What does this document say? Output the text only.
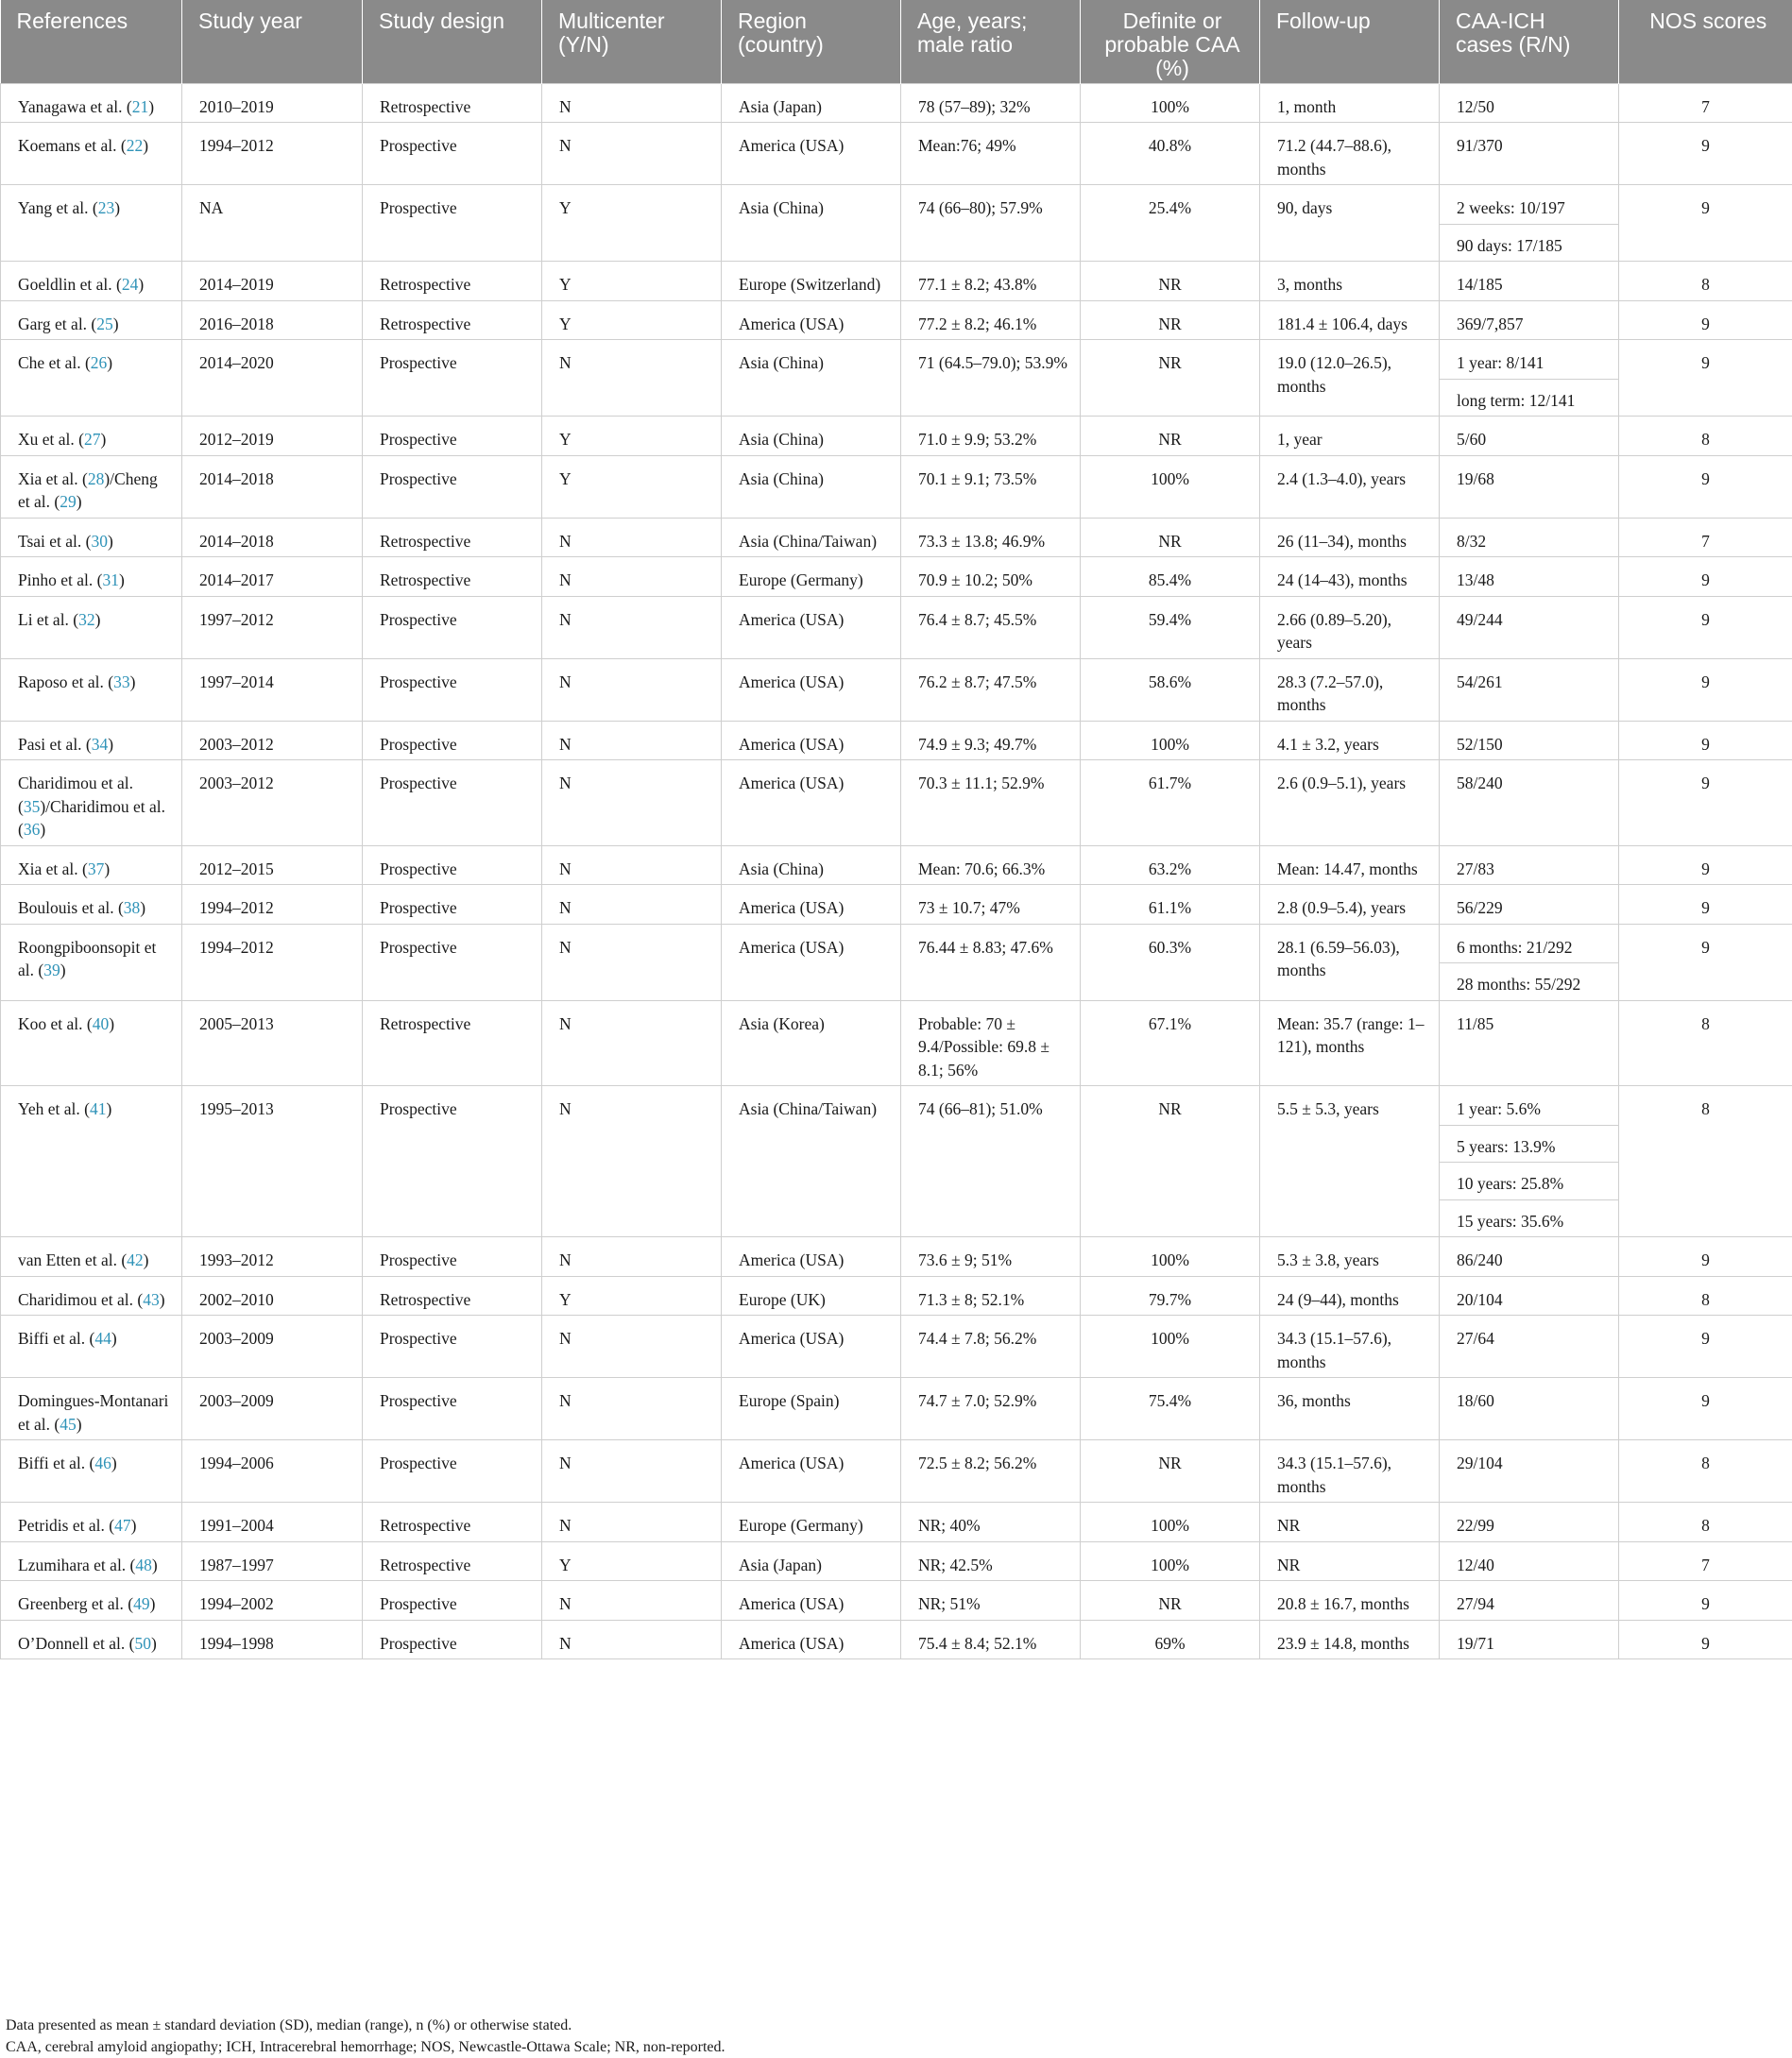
References	Study year	Study design	Multicenter (Y/N)	Region (country)	Age, years; male ratio	Definite or probable CAA (%)	Follow-up	CAA-ICH cases (R/N)	NOS scores
Yanagawa et al. (21)	2010–2019	Retrospective	N	Asia (Japan)	78 (57–89); 32%	100%	1, month	12/50	7
Koemans et al. (22)	1994–2012	Prospective	N	America (USA)	Mean:76; 49%	40.8%	71.2 (44.7–88.6), months	91/370	9
Yang et al. (23)	NA	Prospective	Y	Asia (China)	74 (66–80); 57.9%	25.4%	90, days	2 weeks: 10/197	9
								90 days: 17/185	
Goeldlin et al. (24)	2014–2019	Retrospective	Y	Europe (Switzerland)	77.1 ± 8.2; 43.8%	NR	3, months	14/185	8
Garg et al. (25)	2016–2018	Retrospective	Y	America (USA)	77.2 ± 8.2; 46.1%	NR	181.4 ± 106.4, days	369/7,857	9
Che et al. (26)	2014–2020	Prospective	N	Asia (China)	71 (64.5–79.0); 53.9%	NR	19.0 (12.0–26.5), months	1 year: 8/141	9
								long term: 12/141	
Xu et al. (27)	2012–2019	Prospective	Y	Asia (China)	71.0 ± 9.9; 53.2%	NR	1, year	5/60	8
Xia et al. (28)/Cheng et al. (29)	2014–2018	Prospective	Y	Asia (China)	70.1 ± 9.1; 73.5%	100%	2.4 (1.3–4.0), years	19/68	9
Tsai et al. (30)	2014–2018	Retrospective	N	Asia (China/Taiwan)	73.3 ± 13.8; 46.9%	NR	26 (11–34), months	8/32	7
Pinho et al. (31)	2014–2017	Retrospective	N	Europe (Germany)	70.9 ± 10.2; 50%	85.4%	24 (14–43), months	13/48	9
Li et al. (32)	1997–2012	Prospective	N	America (USA)	76.4 ± 8.7; 45.5%	59.4%	2.66 (0.89–5.20), years	49/244	9
Raposo et al. (33)	1997–2014	Prospective	N	America (USA)	76.2 ± 8.7; 47.5%	58.6%	28.3 (7.2–57.0), months	54/261	9
Pasi et al. (34)	2003–2012	Prospective	N	America (USA)	74.9 ± 9.3; 49.7%	100%	4.1 ± 3.2, years	52/150	9
Charidimou et al. (35)/Charidimou et al. (36)	2003–2012	Prospective	N	America (USA)	70.3 ± 11.1; 52.9%	61.7%	2.6 (0.9–5.1), years	58/240	9
Xia et al. (37)	2012–2015	Prospective	N	Asia (China)	Mean: 70.6; 66.3%	63.2%	Mean: 14.47, months	27/83	9
Boulouis et al. (38)	1994–2012	Prospective	N	America (USA)	73 ± 10.7; 47%	61.1%	2.8 (0.9–5.4), years	56/229	9
Roongpiboonsopit et al. (39)	1994–2012	Prospective	N	America (USA)	76.44 ± 8.83; 47.6%	60.3%	28.1 (6.59–56.03), months	6 months: 21/292	9
								28 months: 55/292	
Koo et al. (40)	2005–2013	Retrospective	N	Asia (Korea)	Probable: 70 ± 9.4/Possible: 69.8 ± 8.1; 56%	67.1%	Mean: 35.7 (range: 1–121), months	11/85	8
Yeh et al. (41)	1995–2013	Prospective	N	Asia (China/Taiwan)	74 (66–81); 51.0%	NR	5.5 ± 5.3, years	1 year: 5.6%	8
								5 years: 13.9%	
								10 years: 25.8%	
								15 years: 35.6%	
van Etten et al. (42)	1993–2012	Prospective	N	America (USA)	73.6 ± 9; 51%	100%	5.3 ± 3.8, years	86/240	9
Charidimou et al. (43)	2002–2010	Retrospective	Y	Europe (UK)	71.3 ± 8; 52.1%	79.7%	24 (9–44), months	20/104	8
Biffi et al. (44)	2003–2009	Prospective	N	America (USA)	74.4 ± 7.8; 56.2%	100%	34.3 (15.1–57.6), months	27/64	9
Domingues-Montanari et al. (45)	2003–2009	Prospective	N	Europe (Spain)	74.7 ± 7.0; 52.9%	75.4%	36, months	18/60	9
Biffi et al. (46)	1994–2006	Prospective	N	America (USA)	72.5 ± 8.2; 56.2%	NR	34.3 (15.1–57.6), months	29/104	8
Petridis et al. (47)	1991–2004	Retrospective	N	Europe (Germany)	NR; 40%	100%	NR	22/99	8
Lzumihara et al. (48)	1987–1997	Retrospective	Y	Asia (Japan)	NR; 42.5%	100%	NR	12/40	7
Greenberg et al. (49)	1994–2002	Prospective	N	America (USA)	NR; 51%	NR	20.8 ± 16.7, months	27/94	9
O’Donnell et al. (50)	1994–1998	Prospective	N	America (USA)	75.4 ± 8.4; 52.1%	69%	23.9 ± 14.8, months	19/71	9
Data presented as mean ± standard deviation (SD), median (range), n (%) or otherwise stated.
CAA, cerebral amyloid angiopathy; ICH, Intracerebral hemorrhage; NOS, Newcastle-Ottawa Scale; NR, non-reported.
